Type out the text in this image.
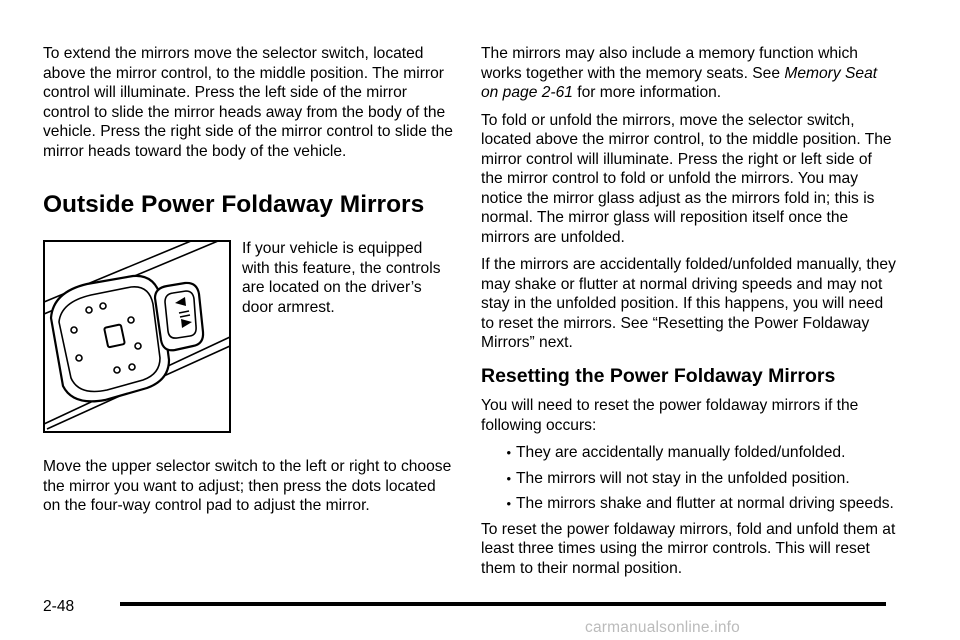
To extend the mirrors move the selector switch, located above the mirror control, to the middle position. The mirror control will illuminate. Press the left side of the mirror control to slide the mirror heads away from the body of the vehicle. Press the right side of the mirror control to slide the mirror heads toward the body of the vehicle.

Outside Power Foldaway Mirrors

If your vehicle is equipped with this feature, the controls are located on the driver’s door armrest.

Move the upper selector switch to the left or right to choose the mirror you want to adjust; then press the dots located on the four-way control pad to adjust the mirror.

The mirrors may also include a memory function which works together with the memory seats. See Memory Seat on page 2-61 for more information.

To fold or unfold the mirrors, move the selector switch, located above the mirror control, to the middle position. The mirror control will illuminate. Press the right or left side of the mirror control to fold or unfold the mirrors. You may notice the mirror glass adjust as the mirrors fold in; this is normal. The mirror glass will reposition itself once the mirrors are unfolded.

If the mirrors are accidentally folded/unfolded manually, they may shake or flutter at normal driving speeds and may not stay in the unfolded position. If this happens, you will need to reset the mirrors. See “Resetting the Power Foldaway Mirrors” next.

Resetting the Power Foldaway Mirrors

You will need to reset the power foldaway mirrors if the following occurs:

• They are accidentally manually folded/unfolded.
• The mirrors will not stay in the unfolded position.
• The mirrors shake and flutter at normal driving speeds.

To reset the power foldaway mirrors, fold and unfold them at least three times using the mirror controls. This will reset them to their normal position.

2-48

carmanualsonline.info
